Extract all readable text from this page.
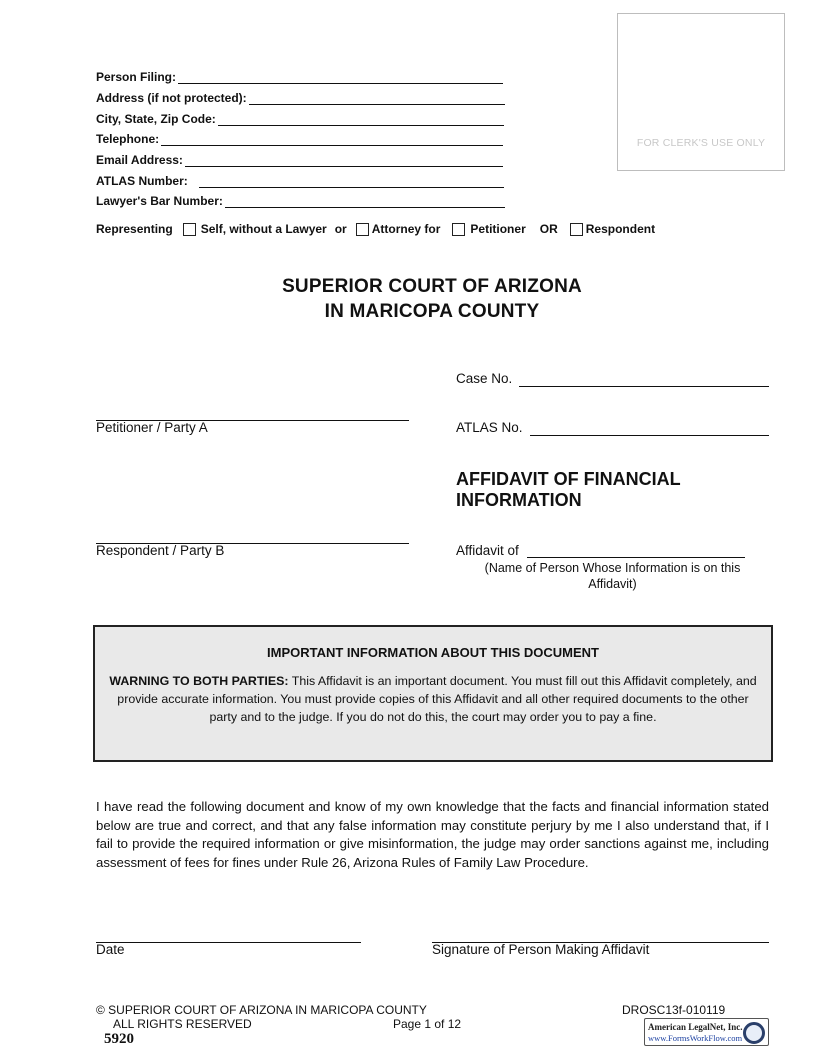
FOR CLERK'S USE ONLY
Person Filing:
Address (if not protected):
City, State, Zip Code:
Telephone:
Email Address:
ATLAS Number:
Lawyer's Bar Number:
Representing Self, without a Lawyer or Attorney for	Petitioner OR Respondent
SUPERIOR COURT OF ARIZONA
IN MARICOPA COUNTY
Case No.
ATLAS No.
Petitioner / Party A
Respondent / Party B
AFFIDAVIT OF FINANCIAL
INFORMATION
Affidavit of
(Name of Person Whose Information is on this
Affidavit)
IMPORTANT INFORMATION ABOUT THIS DOCUMENT
WARNING TO BOTH PARTIES: This Affidavit is an important document. You must fill out this Affidavit completely, and provide accurate information. You must provide copies of this Affidavit and all other required documents to the other party and to the judge. If you do not do this, the court may order you to pay a fine.
I have read the following document and know of my own knowledge that the facts and financial information stated below are true and correct, and that any false information may constitute perjury by me I also understand that, if I fail to provide the required information or give misinformation, the judge may order sanctions against me, including assessment of fees for fines under Rule 26, Arizona Rules of Family Law Procedure.
Date	Signature of Person Making Affidavit
© SUPERIOR COURT OF ARIZONA IN MARICOPA COUNTY
ALL RIGHTS RESERVED	Page 1 of 12
DROSC13f-010119
5920
American LegalNet, Inc.
www.FormsWorkFlow.com
